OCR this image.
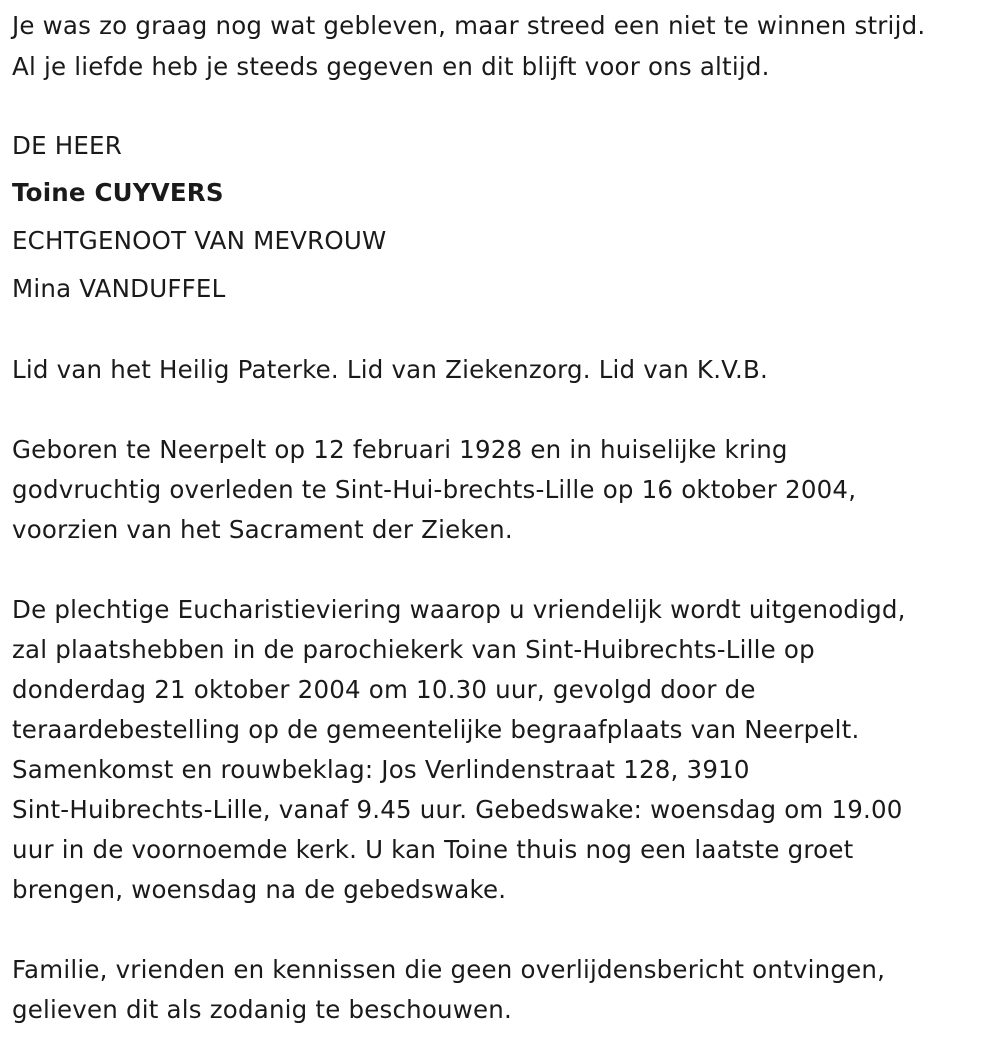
Je was zo graag nog wat gebleven, maar streed een niet te winnen strijd.
Al je liefde heb je steeds gegeven en dit blijft voor ons altijd.
DE HEER
Toine CUYVERS
ECHTGENOOT VAN MEVROUW
Mina VANDUFFEL
Lid van het Heilig Paterke. Lid van Ziekenzorg. Lid van K.V.B.
Geboren te Neerpelt op 12 februari 1928 en in huiselijke kring
godvruchtig overleden te Sint-Hui-brechts-Lille op 16 oktober 2004,
voorzien van het Sacrament der Zieken.
De plechtige Eucharistieviering waarop u vriendelijk wordt uitgenodigd,
zal plaatshebben in de parochiekerk van Sint-Huibrechts-Lille op
donderdag 21 oktober 2004 om 10.30 uur, gevolgd door de
teraardebestelling op de gemeentelijke begraafplaats van Neerpelt.
Samenkomst en rouwbeklag: Jos Verlindenstraat 128, 3910
Sint-Huibrechts-Lille, vanaf 9.45 uur. Gebedswake: woensdag om 19.00
uur in de voornoemde kerk. U kan Toine thuis nog een laatste groet
brengen, woensdag na de gebedswake.
Familie, vrienden en kennissen die geen overlijdensbericht ontvingen,
gelieven dit als zodanig te beschouwen.
